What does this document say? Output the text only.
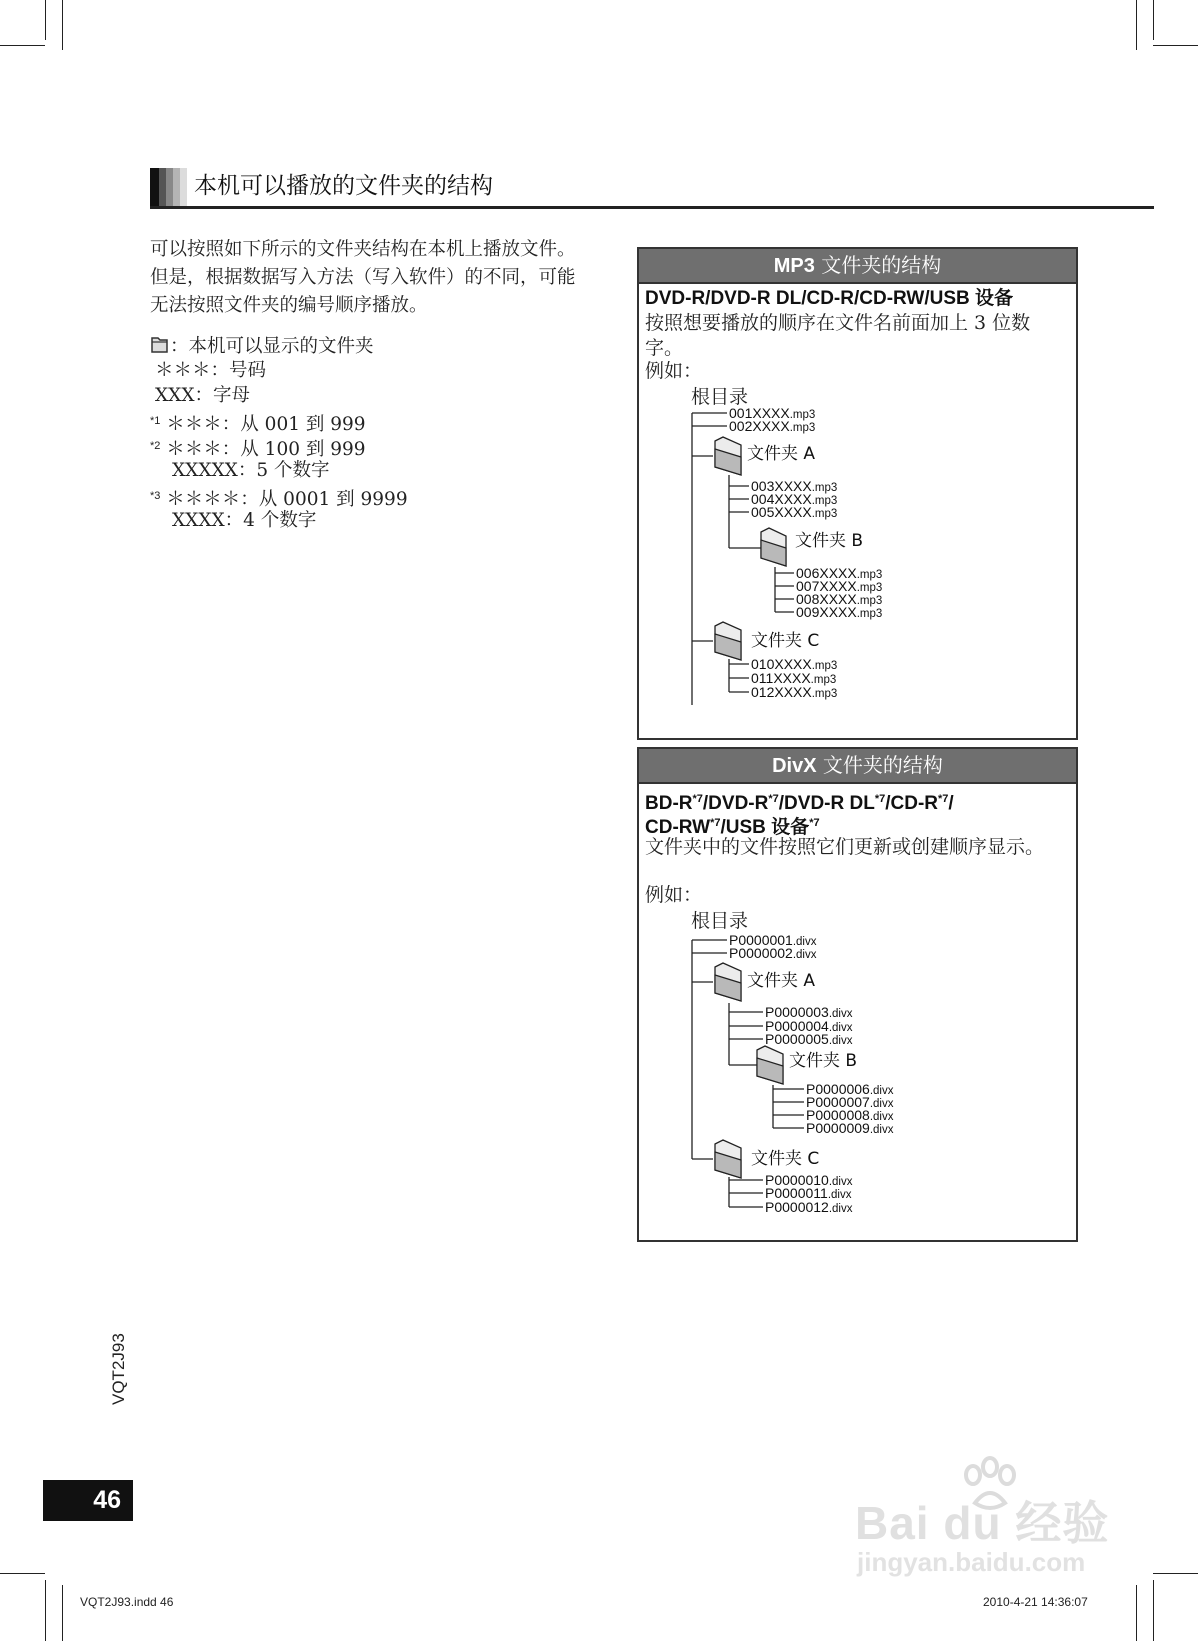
本机可以播放的文件夹的结构
可以按照如下所示的文件夹结构在本机上播放文件。但是，根据数据写入方法（写入软件）的不同，可能无法按照文件夹的编号顺序播放。
：本机可以显示的文件夹
＊＊＊：号码
XXX：字母
$^{*1}$ ＊＊＊：从 001 到 999
$^{*2}$ ＊＊＊：从 100 到 999
XXXXX：5 个数字
$^{*3}$ ＊＊＊＊：从 0001 到 9999
XXXX：4 个数字
MP3 文件夹的结构
DVD-R/DVD-R DL/CD-R/CD-RW/USB 设备
按照想要播放的顺序在文件名前面加上 3 位数字。
例如：
根目录
001XXXX.mp3
002XXXX.mp3
文件夹 A
003XXXX.mp3
004XXXX.mp3
005XXXX.mp3
文件夹 B
006XXXX.mp3
007XXXX.mp3
008XXXX.mp3
009XXXX.mp3
文件夹 C
010XXXX.mp3
011XXXX.mp3
012XXXX.mp3
DivX 文件夹的结构
$BD-R^{*7}/DVD-R^{*7}/DVD-R$ $DL^{*7}/CD-R^{*7}/$
CD-RW$^{*7}$/USB 设备$^{*7}$
文件夹中的文件按照它们更新或创建顺序显示。
例如：
根目录
P0000001.divx
P0000002.divx
文件夹 A
P0000003.divx
P0000004.divx
P0000005.divx
文件夹 B
P0000006.divx
P0000007.divx
P0000008.divx
P0000009.divx
文件夹 C
P0000010.divx
P0000011.divx
P0000012.divx
VQT2J93
46	Bai du 经验
jingyan.baidu.com
VQT2J93.indd 46	2010-4-21 14:36:07
